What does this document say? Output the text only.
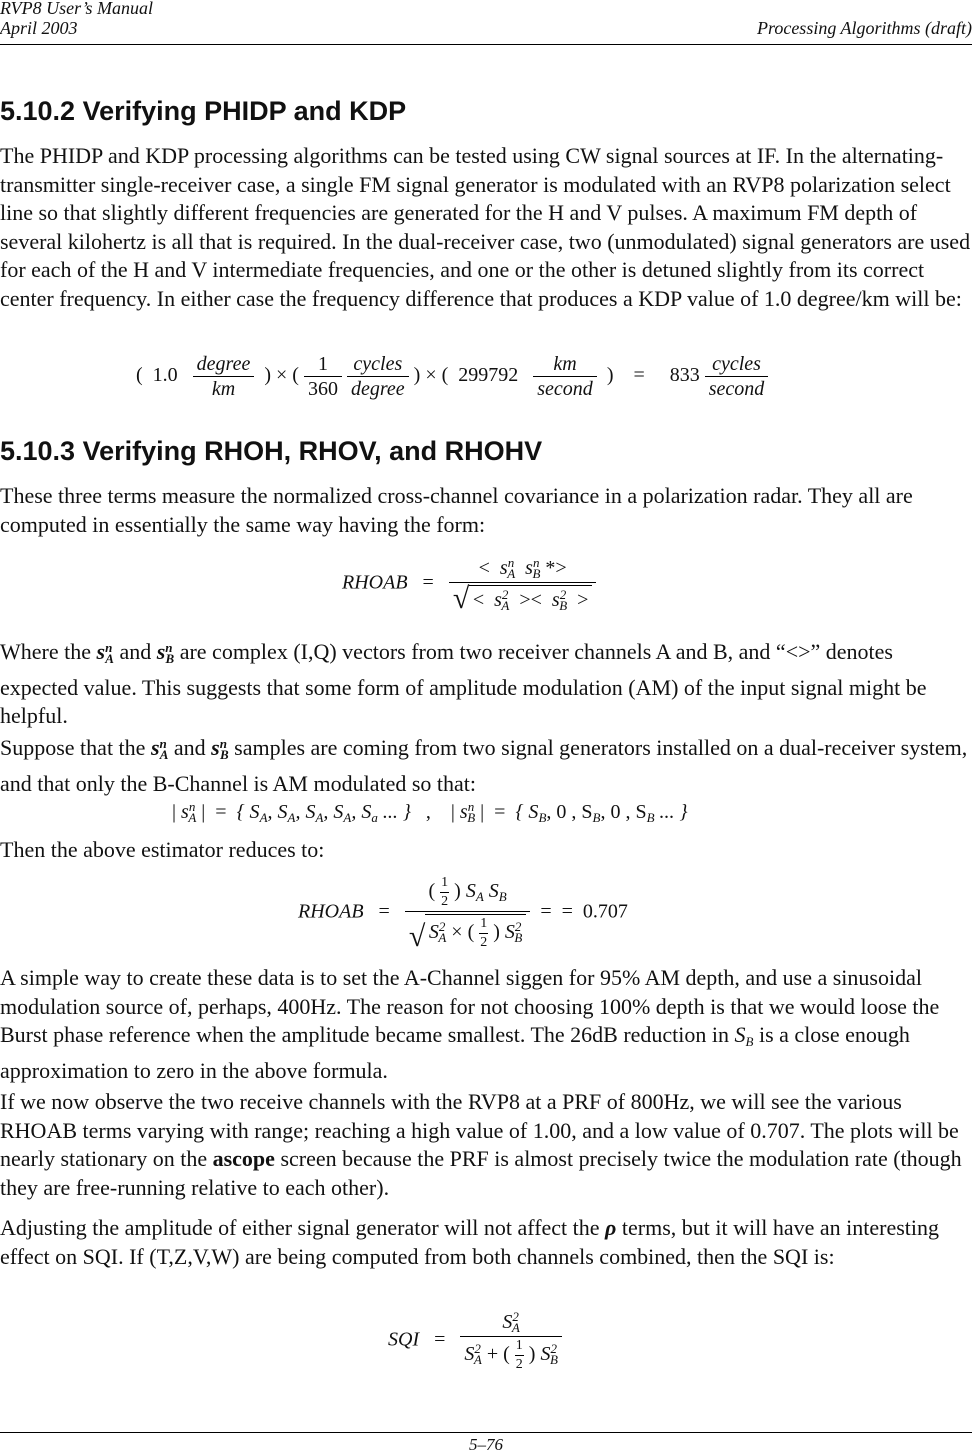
RVP8 User’s Manual
April 2003	Processing Algorithms (draft)
5.10.2 Verifying PHIDP and KDP

The PHIDP and KDP processing algorithms can be tested using CW signal sources at IF. In the alternating-transmitter single-receiver case, a single FM signal generator is modulated with an RVP8 polarization select line so that slightly different frequencies are generated for the H and V pulses. A maximum FM depth of several kilohertz is all that is required. In the dual-receiver case, two (unmodulated) signal generators are used for each of the H and V intermediate frequencies, and one or the other is detuned slightly from its correct center frequency. In either case the frequency difference that produces a KDP value of 1.0 degree/km will be:

( $1.0 \frac{\text{degree}}{km}$ ) × ( $\frac{1}{360}$
$\frac{\text{cycles}}{\text{degree}}$ ) × ( $299792 \frac{km}{\text{second}}$ ) = $833 \frac{\text{cycles}}{\text{second}}$
5.10.3 Verifying RHOH, RHOV, and RHOHV

These three terms measure the normalized cross-channel covariance in a polarization radar. They all are computed in essentially the same way having the form:

RHOAB = $\frac{< s^n_A s^n_B *>}{√ < s^2_A >< s^2_B >}$

Where the $s^n_A$ and $s^n_B$ are complex (I,Q) vectors from two receiver channels A and B, and “<>” denotes expected value. This suggests that some form of amplitude modulation (AM) of the input signal might be helpful.

Suppose that the $s^n_A$ and $s^n_B$ samples are coming from two signal generators installed on a dual-receiver system, and that only the B-Channel is AM modulated so that:

| $s^n_A$ | = { $S_A$, $S_A$, $S_A$, $S_A$, $S_a$ ... } , | $s^n_B$ | = { $S_B$, 0 , $S_B$, 0 , $S_B$ ... }

Then the above estimator reduces to:

RHOAB = $\frac{( \frac{1}{2} ) S_A S_B}{√ S^2_A \times ( \frac{1}{2} ) S^2_B}$ = = 0.707

A simple way to create these data is to set the A-Channel siggen for 95% AM depth, and use a sinusoidal modulation source of, perhaps, 400Hz. The reason for not choosing 100% depth is that we would loose the Burst phase reference when the amplitude became smallest. The 26dB reduction in $S_B$ is a close enough approximation to zero in the above formula.

If we now observe the two receive channels with the RVP8 at a PRF of 800Hz, we will see the various RHOAB terms varying with range; reaching a high value of 1.00, and a low value of 0.707. The plots will be nearly stationary on the ascope screen because the PRF is almost precisely twice the modulation rate (though they are free-running relative to each other).

Adjusting the amplitude of either signal generator will not affect the ρ terms, but it will have an interesting effect on SQI. If (T,Z,V,W) are being computed from both channels combined, then the SQI is:

SQI = $\frac{S^2_A}{S^2_A + ( \frac{1}{2} ) S^2_B}$
5–76
